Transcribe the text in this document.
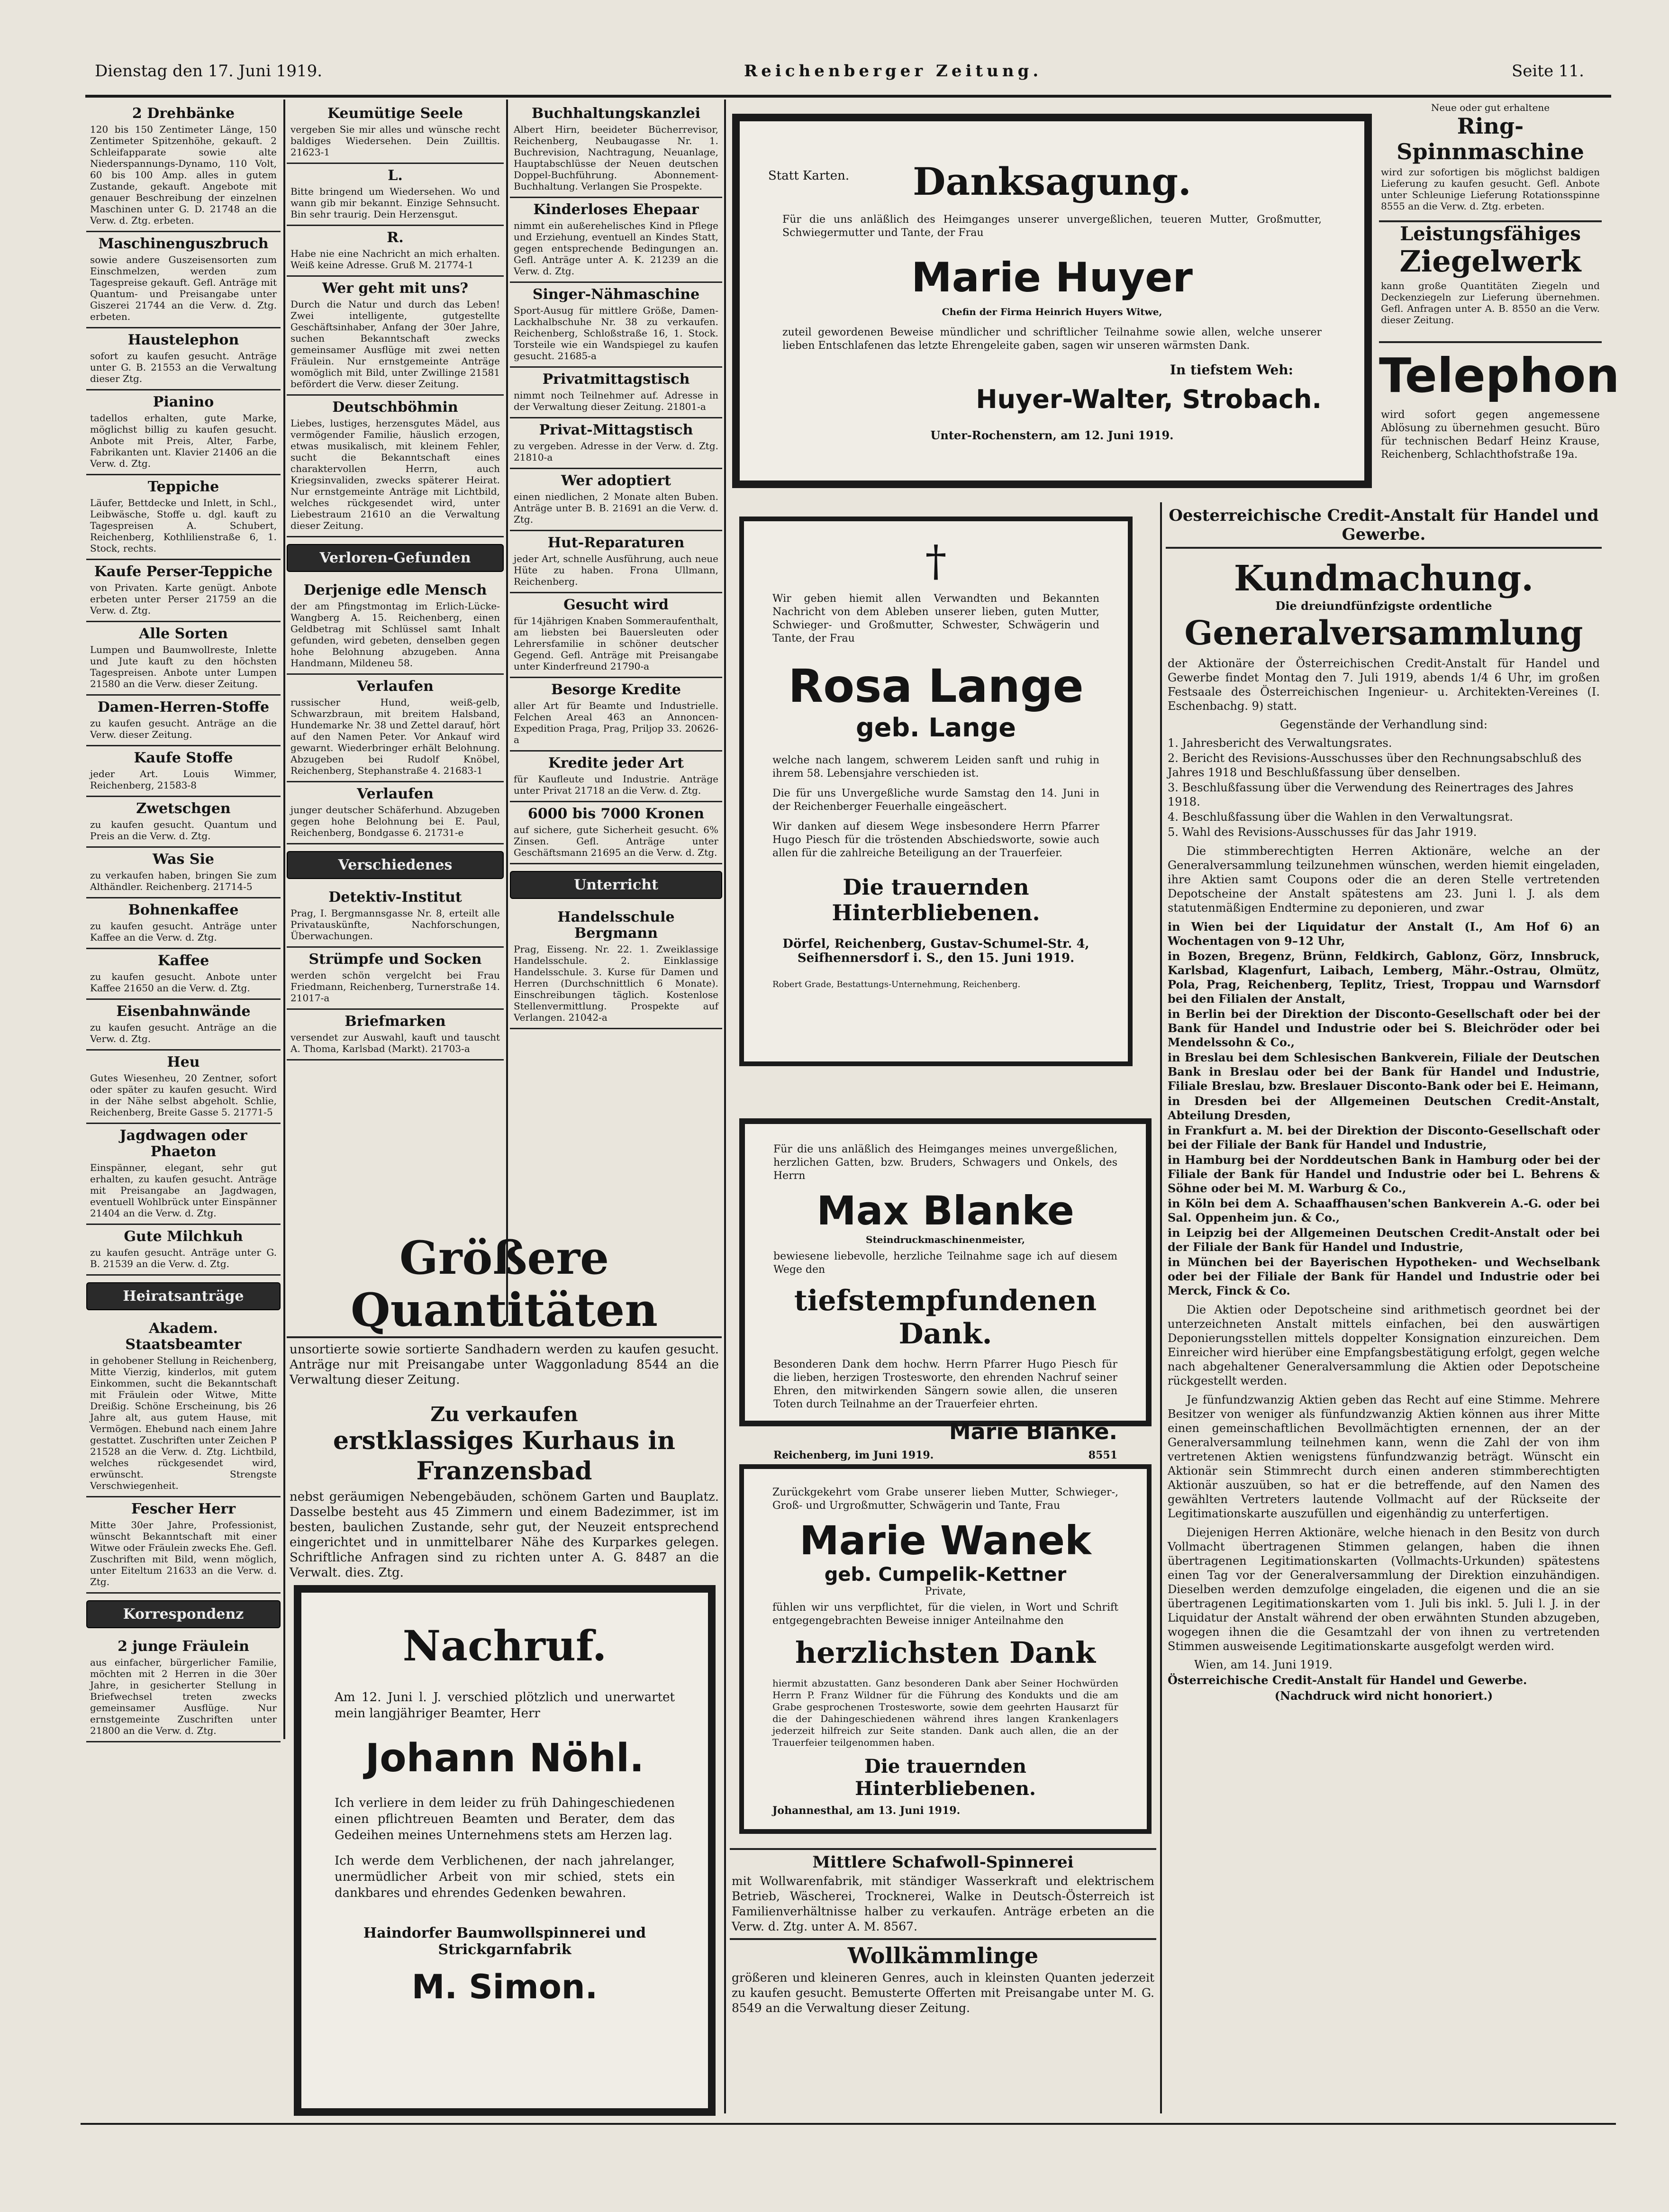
Dienstag den 17. Juni 1919.	Reichenberger Zeitung.	Seite 11.
2 Drehbänke

120 bis 150 Zentimeter Länge, 150 Zentimeter Spitzenhöhe, gekauft. 2 Schleifapparate sowie alte Niederspannungs-Dynamo, 110 Volt, 60 bis 100 Amp. alles in gutem Zustande, gekauft. Angebote mit genauer Beschreibung der einzelnen Maschinen unter G. D. 21748 an die Verw. d. Ztg. erbeten.

Maschinenguszbruch

sowie andere Guszeisensorten zum Einschmelzen, werden zum Tagespreise gekauft. Gefl. Anträge mit Quantum- und Preisangabe unter Giszerei 21744 an die Verw. d. Ztg. erbeten.

Haustelephon

sofort zu kaufen gesucht. Anträge unter G. B. 21553 an die Verwaltung dieser Ztg.

Pianino

tadellos erhalten, gute Marke, möglichst billig zu kaufen gesucht. Anbote mit Preis, Alter, Farbe, Fabrikanten unt. Klavier 21406 an die Verw. d. Ztg.

Teppiche

Läufer, Bettdecke und Inlett, in Schl., Leibwäsche, Stoffe u. dgl. kauft zu Tagespreisen A. Schubert, Reichenberg, Kothlilienstraße 6, 1. Stock, rechts.

Kaufe Perser-Teppiche

von Privaten. Karte genügt. Anbote erbeten unter Perser 21759 an die Verw. d. Ztg.

Alle Sorten

Lumpen und Baumwollreste, Inlette und Jute kauft zu den höchsten Tagespreisen. Anbote unter Lumpen 21580 an die Verw. dieser Zeitung.

Damen-Herren-Stoffe

zu kaufen gesucht. Anträge an die Verw. dieser Zeitung.

Kaufe Stoffe

jeder Art. Louis Wimmer, Reichenberg, 21583-8

Zwetschgen

zu kaufen gesucht. Quantum und Preis an die Verw. d. Ztg.

Was Sie

zu verkaufen haben, bringen Sie zum Althändler. Reichenberg. 21714-5

Bohnenkaffee

zu kaufen gesucht. Anträge unter Kaffee an die Verw. d. Ztg.

Kaffee

zu kaufen gesucht. Anbote unter Kaffee 21650 an die Verw. d. Ztg.

Eisenbahnwände

zu kaufen gesucht. Anträge an die Verw. d. Ztg.

Heu

Gutes Wiesenheu, 20 Zentner, sofort oder später zu kaufen gesucht. Wird in der Nähe selbst abgeholt. Schlie, Reichenberg, Breite Gasse 5. 21771-5

Jagdwagen oder Phaeton

Einspänner, elegant, sehr gut erhalten, zu kaufen gesucht. Anträge mit Preisangabe an Jagdwagen, eventuell Wohlbrück unter Einspänner 21404 an die Verw. d. Ztg.

Gute Milchkuh

zu kaufen gesucht. Anträge unter G. B. 21539 an die Verw. d. Ztg.

Heiratsanträge
Akadem. Staatsbeamter

in gehobener Stellung in Reichenberg, Mitte Vierzig, kinderlos, mit gutem Einkommen, sucht die Bekanntschaft mit Fräulein oder Witwe, Mitte Dreißig. Schöne Erscheinung, bis 26 Jahre alt, aus gutem Hause, mit Vermögen. Ehebund nach einem Jahre gestattet. Zuschriften unter Zeichen P 21528 an die Verw. d. Ztg. Lichtbild, welches rückgesendet wird, erwünscht. Strengste Verschwiegenheit.

Fescher Herr

Mitte 30er Jahre, Professionist, wünscht Bekanntschaft mit einer Witwe oder Fräulein zwecks Ehe. Gefl. Zuschriften mit Bild, wenn möglich, unter Eiteltum 21633 an die Verw. d. Ztg.

Korrespondenz
2 junge Fräulein

aus einfacher, bürgerlicher Familie, möchten mit 2 Herren in die 30er Jahre, in gesicherter Stellung in Briefwechsel treten zwecks gemeinsamer Ausflüge. Nur ernstgemeinte Zuschriften unter 21800 an die Verw. d. Ztg.

Keumütige Seele

vergeben Sie mir alles und wünsche recht baldiges Wiedersehen. Dein Zuilltis. 21623-1

L.

Bitte bringend um Wiedersehen. Wo und wann gib mir bekannt. Einzige Sehnsucht. Bin sehr traurig. Dein Herzensgut.

R.

Habe nie eine Nachricht an mich erhalten. Weiß keine Adresse. Gruß M. 21774-1

Wer geht mit uns?

Durch die Natur und durch das Leben! Zwei intelligente, gutgestellte Geschäftsinhaber, Anfang der 30er Jahre, suchen Bekanntschaft zwecks gemeinsamer Ausflüge mit zwei netten Fräulein. Nur ernstgemeinte Anträge womöglich mit Bild, unter Zwillinge 21581 befördert die Verw. dieser Zeitung.

Deutschböhmin

Liebes, lustiges, herzensgutes Mädel, aus vermögender Familie, häuslich erzogen, etwas musikalisch, mit kleinem Fehler, sucht die Bekanntschaft eines charaktervollen Herrn, auch Kriegsinvaliden, zwecks späterer Heirat. Nur ernstgemeinte Anträge mit Lichtbild, welches rückgesendet wird, unter Liebestraum 21610 an die Verwaltung dieser Zeitung.

Verloren-Gefunden
Derjenige edle Mensch

der am Pfingstmontag im Erlich-Lücke-Wangberg A. 15. Reichenberg, einen Geldbetrag mit Schlüssel samt Inhalt gefunden, wird gebeten, denselben gegen hohe Belohnung abzugeben. Anna Handmann, Mildeneu 58.

Verlaufen

russischer Hund, weiß-gelb, Schwarzbraun, mit breitem Halsband, Hundemarke Nr. 38 und Zettel darauf, hört auf den Namen Peter. Vor Ankauf wird gewarnt. Wiederbringer erhält Belohnung. Abzugeben bei Rudolf Knöbel, Reichenberg, Stephanstraße 4. 21683-1

Verlaufen

junger deutscher Schäferhund. Abzugeben gegen hohe Belohnung bei E. Paul, Reichenberg, Bondgasse 6. 21731-e

Verschiedenes
Detektiv-Institut

Prag, I. Bergmannsgasse Nr. 8, erteilt alle Privatauskünfte, Nachforschungen, Überwachungen.

Strümpfe und Socken

werden schön vergelcht bei Frau Friedmann, Reichenberg, Turnerstraße 14. 21017-a

Briefmarken

versendet zur Auswahl, kauft und tauscht A. Thoma, Karlsbad (Markt). 21703-a

Buchhaltungskanzlei

Albert Hirn, beeideter Bücherrevisor, Reichenberg, Neubaugasse Nr. 1. Buchrevision, Nachtragung, Neuanlage, Hauptabschlüsse der Neuen deutschen Doppel-Buchführung. Abonnement-Buchhaltung. Verlangen Sie Prospekte.

Kinderloses Ehepaar

nimmt ein außerehelisches Kind in Pflege und Erziehung, eventuell an Kindes Statt, gegen entsprechende Bedingungen an. Gefl. Anträge unter A. K. 21239 an die Verw. d. Ztg.

Singer-Nähmaschine

Sport-Ausug für mittlere Größe, Damen-Lackhalbschuhe Nr. 38 zu verkaufen. Reichenberg, Schloßstraße 16, 1. Stock. Torsteile wie ein Wandspiegel zu kaufen gesucht. 21685-a

Privatmittagstisch

nimmt noch Teilnehmer auf. Adresse in der Verwaltung dieser Zeitung. 21801-a

Privat-Mittagstisch

zu vergeben. Adresse in der Verw. d. Ztg. 21810-a

Wer adoptiert

einen niedlichen, 2 Monate alten Buben. Anträge unter B. B. 21691 an die Verw. d. Ztg.

Hut-Reparaturen

jeder Art, schnelle Ausführung, auch neue Hüte zu haben. Frona Ullmann, Reichenberg.

Gesucht wird

für 14jährigen Knaben Sommeraufenthalt, am liebsten bei Bauersleuten oder Lehrersfamilie in schöner deutscher Gegend. Gefl. Anträge mit Preisangabe unter Kinderfreund 21790-a

Besorge Kredite

aller Art für Beamte und Industrielle. Felchen Areal 463 an Annoncen-Expedition Praga, Prag, Priljop 33. 20626-a

Kredite jeder Art

für Kaufleute und Industrie. Anträge unter Privat 21718 an die Verw. d. Ztg.

6000 bis 7000 Kronen

auf sichere, gute Sicherheit gesucht. 6% Zinsen. Gefl. Anträge unter Geschäftsmann 21695 an die Verw. d. Ztg.

Unterricht
Handelsschule Bergmann

Prag, Eisseng. Nr. 22. 1. Zweiklassige Handelsschule. 2. Einklassige Handelsschule. 3. Kurse für Damen und Herren (Durchschnittlich 6 Monate). Einschreibungen täglich. Kostenlose Stellenvermittlung. Prospekte auf Verlangen. 21042-a

Größere Quantitäten

unsortierte sowie sortierte Sandhadern werden zu kaufen gesucht. Anträge nur mit Preisangabe unter Waggonladung 8544 an die Verwaltung dieser Zeitung.

Zu verkaufen
erstklassiges Kurhaus in Franzensbad

nebst geräumigen Nebengebäuden, schönem Garten und Bauplatz. Dasselbe besteht aus 45 Zimmern und einem Badezimmer, ist im besten, baulichen Zustande, sehr gut, der Neuzeit entsprechend eingerichtet und in unmittelbarer Nähe des Kurparkes gelegen. Schriftliche Anfragen sind zu richten unter A. G. 8487 an die Verwalt. dies. Ztg.

Nachruf.

Am 12. Juni l. J. verschied plötzlich und unerwartet mein langjähriger Beamter, Herr

Johann Nöhl.

Ich verliere in dem leider zu früh Dahingeschiedenen einen pflichtreuen Beamten und Berater, dem das Gedeihen meines Unternehmens stets am Herzen lag.

Ich werde dem Verblichenen, der nach jahrelanger, unermüdlicher Arbeit von mir schied, stets ein dankbares und ehrendes Gedenken bewahren.

Haindorfer Baumwollspinnerei und Strickgarnfabrik

M. Simon.
Statt Karten.	Danksagung.

Für die uns anläßlich des Heimganges unserer unvergeßlichen, teueren Mutter, Großmutter, Schwiegermutter und Tante, der Frau

Marie Huyer

Chefin der Firma Heinrich Huyers Witwe,

zuteil gewordenen Beweise mündlicher und schriftlicher Teilnahme sowie allen, welche unserer lieben Entschlafenen das letzte Ehrengeleite gaben, sagen wir unseren wärmsten Dank.

In tiefstem Weh:

Huyer-Walter, Strobach.

Unter-Rochenstern, am 12. Juni 1919.

†

Wir geben hiemit allen Verwandten und Bekannten Nachricht von dem Ableben unserer lieben, guten Mutter, Schwieger- und Großmutter, Schwester, Schwägerin und Tante, der Frau

Rosa Lange
geb. Lange

welche nach langem, schwerem Leiden sanft und ruhig in ihrem 58. Lebensjahre verschieden ist.

Die für uns Unvergeßliche wurde Samstag den 14. Juni in der Reichenberger Feuerhalle eingeäschert.

Wir danken auf diesem Wege insbesondere Herrn Pfarrer Hugo Piesch für die tröstenden Abschiedsworte, sowie auch allen für die zahlreiche Beteiligung an der Trauerfeier.

Die trauernden Hinterbliebenen.

Dörfel, Reichenberg, Gustav-Schumel-Str. 4, Seifhennersdorf i. S., den 15. Juni 1919.

Robert Grade, Bestattungs-Unternehmung, Reichenberg.

Für die uns anläßlich des Heimganges meines unvergeßlichen, herzlichen Gatten, bzw. Bruders, Schwagers und Onkels, des Herrn

Max Blanke

Steindruckmaschinenmeister,

bewiesene liebevolle, herzliche Teilnahme sage ich auf diesem Wege den

tiefstempfundenen Dank.

Besonderen Dank dem hochw. Herrn Pfarrer Hugo Piesch für die lieben, herzigen Trostesworte, den ehrenden Nachruf seiner Ehren, den mitwirkenden Sängern sowie allen, die unseren Toten durch Teilnahme an der Trauerfeier ehrten.

Marie Blanke.
Reichenberg, im Juni 1919.	8551

Zurückgekehrt vom Grabe unserer lieben Mutter, Schwieger-, Groß- und Urgroßmutter, Schwägerin und Tante, Frau

Marie Wanek
geb. Cumpelik-Kettner

Private,

fühlen wir uns verpflichtet, für die vielen, in Wort und Schrift entgegengebrachten Beweise inniger Anteilnahme den

herzlichsten Dank

hiermit abzustatten. Ganz besonderen Dank aber Seiner Hochwürden Herrn P. Franz Wildner für die Führung des Kondukts und die am Grabe gesprochenen Trostesworte, sowie dem geehrten Hausarzt für die der Dahingeschiedenen während ihres langen Krankenlagers jederzeit hilfreich zur Seite standen. Dank auch allen, die an der Trauerfeier teilgenommen haben.

Die trauernden Hinterbliebenen.

Johannesthal, am 13. Juni 1919.

Mittlere Schafwoll-Spinnerei

mit Wollwarenfabrik, mit ständiger Wasserkraft und elektrischem Betrieb, Wäscherei, Trocknerei, Walke in Deutsch-Österreich ist Familienverhältnisse halber zu verkaufen. Anträge erbeten an die Verw. d. Ztg. unter A. M. 8567.

Wollkämmlinge

größeren und kleineren Genres, auch in kleinsten Quanten jederzeit zu kaufen gesucht. Bemusterte Offerten mit Preisangabe unter M. G. 8549 an die Verwaltung dieser Zeitung.

Neue oder gut erhaltene
Ring-Spinnmaschine

wird zur sofortigen bis möglichst baldigen Lieferung zu kaufen gesucht. Gefl. Anbote unter Schleunige Lieferung Rotationsspinne 8555 an die Verw. d. Ztg. erbeten.

Leistungsfähiges
Ziegelwerk

kann große Quantitäten Ziegeln und Deckenziegeln zur Lieferung übernehmen. Gefl. Anfragen unter A. B. 8550 an die Verw. dieser Zeitung.

Telephon

wird sofort gegen angemessene Ablösung zu übernehmen gesucht. Büro für technischen Bedarf Heinz Krause, Reichenberg, Schlachthofstraße 19a.

Oesterreichische Credit-Anstalt für Handel und Gewerbe.
Kundmachung.
Die dreiundfünfzigste ordentliche
Generalversammlung

der Aktionäre der Österreichischen Credit-Anstalt für Handel und Gewerbe findet Montag den 7. Juli 1919, abends 1/4 6 Uhr, im großen Festsaale des Österreichischen Ingenieur- u. Architekten-Vereines (I. Eschenbachg. 9) statt.

Gegenstände der Verhandlung sind:

1. Jahresbericht des Verwaltungsrates.

2. Bericht des Revisions-Ausschusses über den Rechnungsabschluß des Jahres 1918 und Beschlußfassung über denselben.

3. Beschlußfassung über die Verwendung des Reinertrages des Jahres 1918.

4. Beschlußfassung über die Wahlen in den Verwaltungsrat.

5. Wahl des Revisions-Ausschusses für das Jahr 1919.

Die stimmberechtigten Herren Aktionäre, welche an der Generalversammlung teilzunehmen wünschen, werden hiemit eingeladen, ihre Aktien samt Coupons oder die an deren Stelle vertretenden Depotscheine der Anstalt spätestens am 23. Juni l. J. als dem statutenmäßigen Endtermine zu deponieren, und zwar

in Wien bei der Liquidatur der Anstalt (I., Am Hof 6) an Wochentagen von 9–12 Uhr,

in Bozen, Bregenz, Brünn, Feldkirch, Gablonz, Görz, Innsbruck, Karlsbad, Klagenfurt, Laibach, Lemberg, Mähr.-Ostrau, Olmütz, Pola, Prag, Reichenberg, Teplitz, Triest, Troppau und Warnsdorf bei den Filialen der Anstalt,

in Berlin bei der Direktion der Disconto-Gesellschaft oder bei der Bank für Handel und Industrie oder bei S. Bleichröder oder bei Mendelssohn & Co.,

in Breslau bei dem Schlesischen Bankverein, Filiale der Deutschen Bank in Breslau oder bei der Bank für Handel und Industrie, Filiale Breslau, bzw. Breslauer Disconto-Bank oder bei E. Heimann,

in Dresden bei der Allgemeinen Deutschen Credit-Anstalt, Abteilung Dresden,

in Frankfurt a. M. bei der Direktion der Disconto-Gesellschaft oder bei der Filiale der Bank für Handel und Industrie,

in Hamburg bei der Norddeutschen Bank in Hamburg oder bei der Filiale der Bank für Handel und Industrie oder bei L. Behrens & Söhne oder bei M. M. Warburg & Co.,

in Köln bei dem A. Schaaffhausen'schen Bankverein A.-G. oder bei Sal. Oppenheim jun. & Co.,

in Leipzig bei der Allgemeinen Deutschen Credit-Anstalt oder bei der Filiale der Bank für Handel und Industrie,

in München bei der Bayerischen Hypotheken- und Wechselbank oder bei der Filiale der Bank für Handel und Industrie oder bei Merck, Finck & Co.

Die Aktien oder Depotscheine sind arithmetisch geordnet bei der unterzeichneten Anstalt mittels einfachen, bei den auswärtigen Deponierungsstellen mittels doppelter Konsignation einzureichen. Dem Einreicher wird hierüber eine Empfangsbestätigung erfolgt, gegen welche nach abgehaltener Generalversammlung die Aktien oder Depotscheine rückgestellt werden.

Je fünfundzwanzig Aktien geben das Recht auf eine Stimme. Mehrere Besitzer von weniger als fünfundzwanzig Aktien können aus ihrer Mitte einen gemeinschaftlichen Bevollmächtigten ernennen, der an der Generalversammlung teilnehmen kann, wenn die Zahl der von ihm vertretenen Aktien wenigstens fünfundzwanzig beträgt. Wünscht ein Aktionär sein Stimmrecht durch einen anderen stimmberechtigten Aktionär auszuüben, so hat er die betreffende, auf den Namen des gewählten Vertreters lautende Vollmacht auf der Rückseite der Legitimationskarte auszufüllen und eigenhändig zu unterfertigen.

Diejenigen Herren Aktionäre, welche hienach in den Besitz von durch Vollmacht übertragenen Stimmen gelangen, haben die ihnen übertragenen Legitimationskarten (Vollmachts-Urkunden) spätestens einen Tag vor der Generalversammlung der Direktion einzuhändigen. Dieselben werden demzufolge eingeladen, die eigenen und die an sie übertragenen Legitimationskarten vom 1. Juli bis inkl. 5. Juli l. J. in der Liquidatur der Anstalt während der oben erwähnten Stunden abzugeben, wogegen ihnen die die Gesamtzahl der von ihnen zu vertretenden Stimmen ausweisende Legitimationskarte ausgefolgt werden wird.

Wien, am 14. Juni 1919.

Österreichische Credit-Anstalt für Handel und Gewerbe.

(Nachdruck wird nicht honoriert.)
